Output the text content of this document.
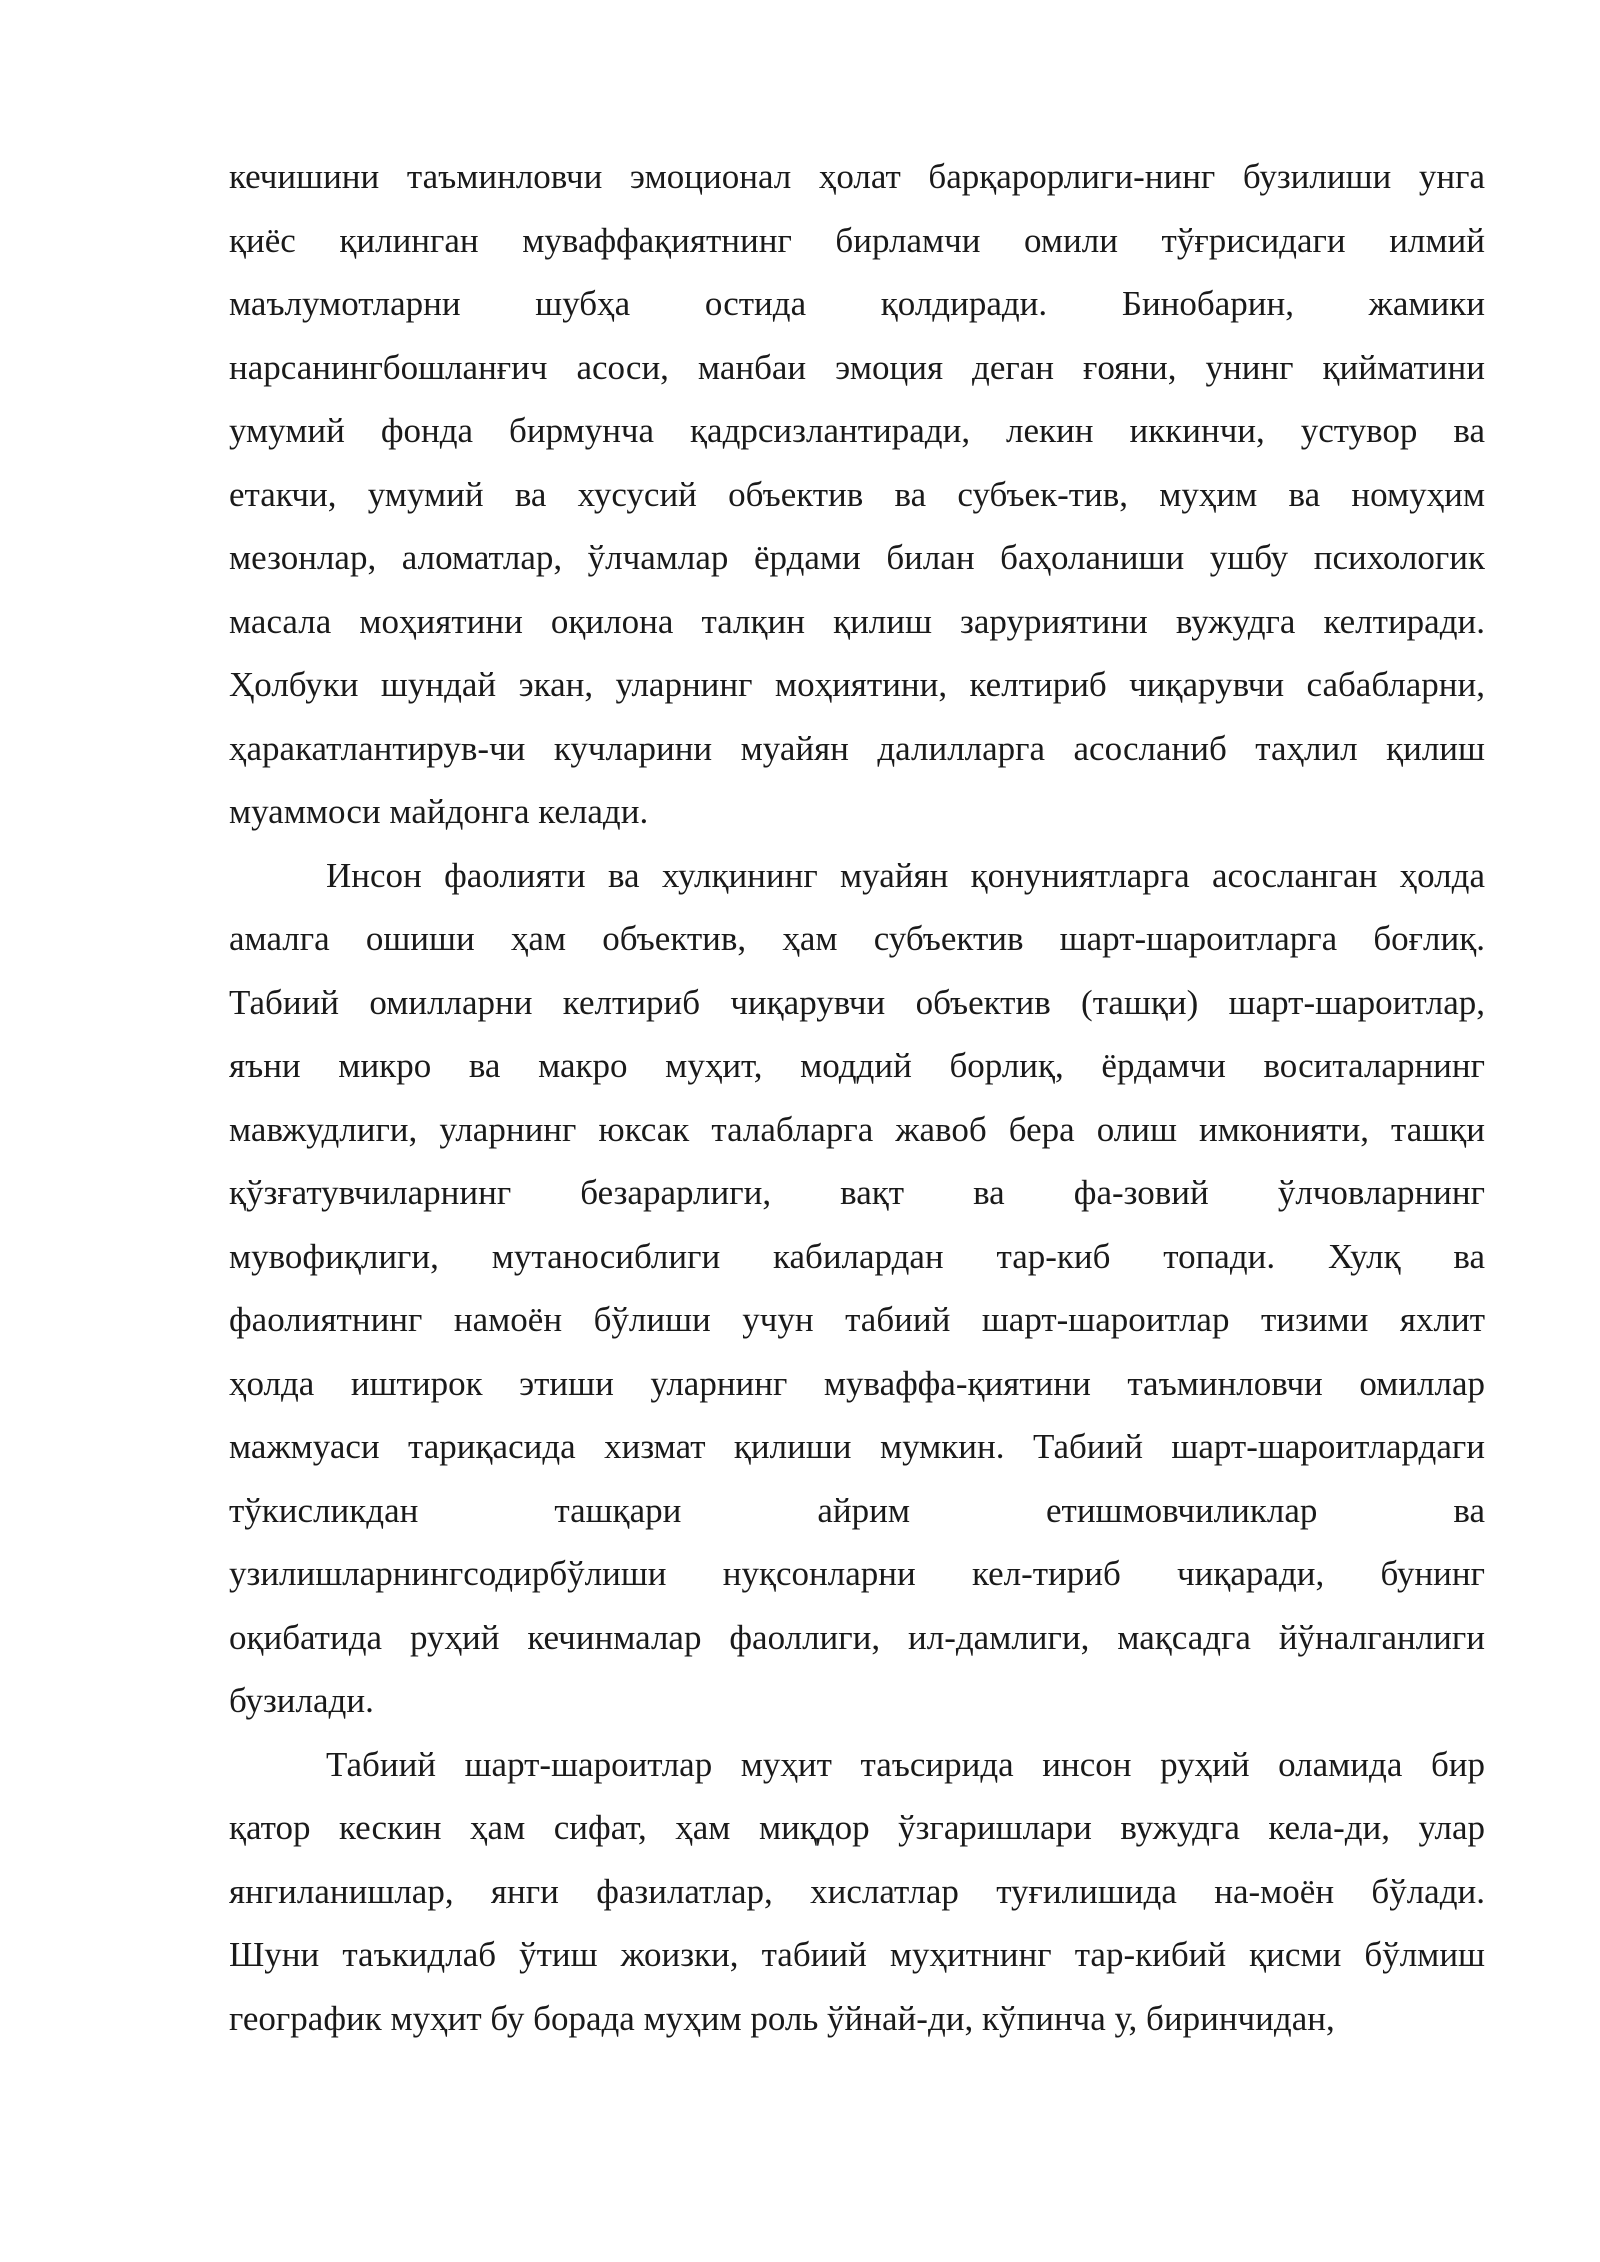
кечишини таъминловчи эмоционал ҳолат барқарорлиги-нинг бузилиши унга
қиёс қилинган муваффақиятнинг бирламчи омили тўғрисидаги илмий
маълумотларни шубҳа остида қолдиради. Бинобарин, жамики
нарсанингбошланғич асоси, манбаи эмоция деган ғояни, унинг қийматини
умумий фонда бирмунча қадрсизлантиради, лекин иккинчи, устувор ва
етакчи, умумий ва хусусий объектив ва субъек-тив, муҳим ва номуҳим
мезонлар, аломатлар, ўлчамлар ёрдами билан баҳоланиши ушбу психологик
масала моҳиятини оқилона талқин қилиш заруриятини вужудга келтиради.
Ҳолбуки шундай экан, уларнинг моҳиятини, келтириб чиқарувчи сабабларни,
ҳаракатлантирув-чи кучларини муайян далилларга асосланиб таҳлил қилиш
муаммоси майдонга келади.
Инсон фаолияти ва хулқининг муайян қонуниятларга асосланган ҳолда
амалга ошиши ҳам объектив, ҳам субъектив шарт-шароитларга боғлиқ.
Табиий омилларни келтириб чиқарувчи объектив (ташқи) шарт-шароитлар,
яъни микро ва макро муҳит, моддий борлиқ, ёрдамчи воситаларнинг
мавжудлиги, уларнинг юксак талабларга жавоб бера олиш имконияти, ташқи
қўзғатувчиларнинг безарарлиги, вақт ва фа-зовий ўлчовларнинг
мувофиқлиги, мутаносиблиги кабилардан тар-киб топади. Хулқ ва
фаолиятнинг намоён бўлиши учун табиий шарт-шароитлар тизими яхлит
ҳолда иштирок этиши уларнинг муваффа-қиятини таъминловчи омиллар
мажмуаси тариқасида хизмат қилиши мумкин. Табиий шарт-шароитлардаги
тўкисликдан ташқари айрим етишмовчиликлар ва
узилишларнингсодирбўлиши нуқсонларни кел-тириб чиқаради, бунинг
оқибатида руҳий кечинмалар фаоллиги, ил-дамлиги, мақсадга йўналганлиги
бузилади.
Табиий шарт-шароитлар муҳит таъсирида инсон руҳий оламида бир
қатор кескин ҳам сифат, ҳам миқдор ўзгаришлари вужудга кела-ди, улар
янгиланишлар, янги фазилатлар, хислатлар туғилишида на-моён бўлади.
Шуни таъкидлаб ўтиш жоизки, табиий муҳитнинг тар-кибий қисми бўлмиш
географик муҳит бу борада муҳим роль ўйнай-ди, кўпинча у, биринчидан,
